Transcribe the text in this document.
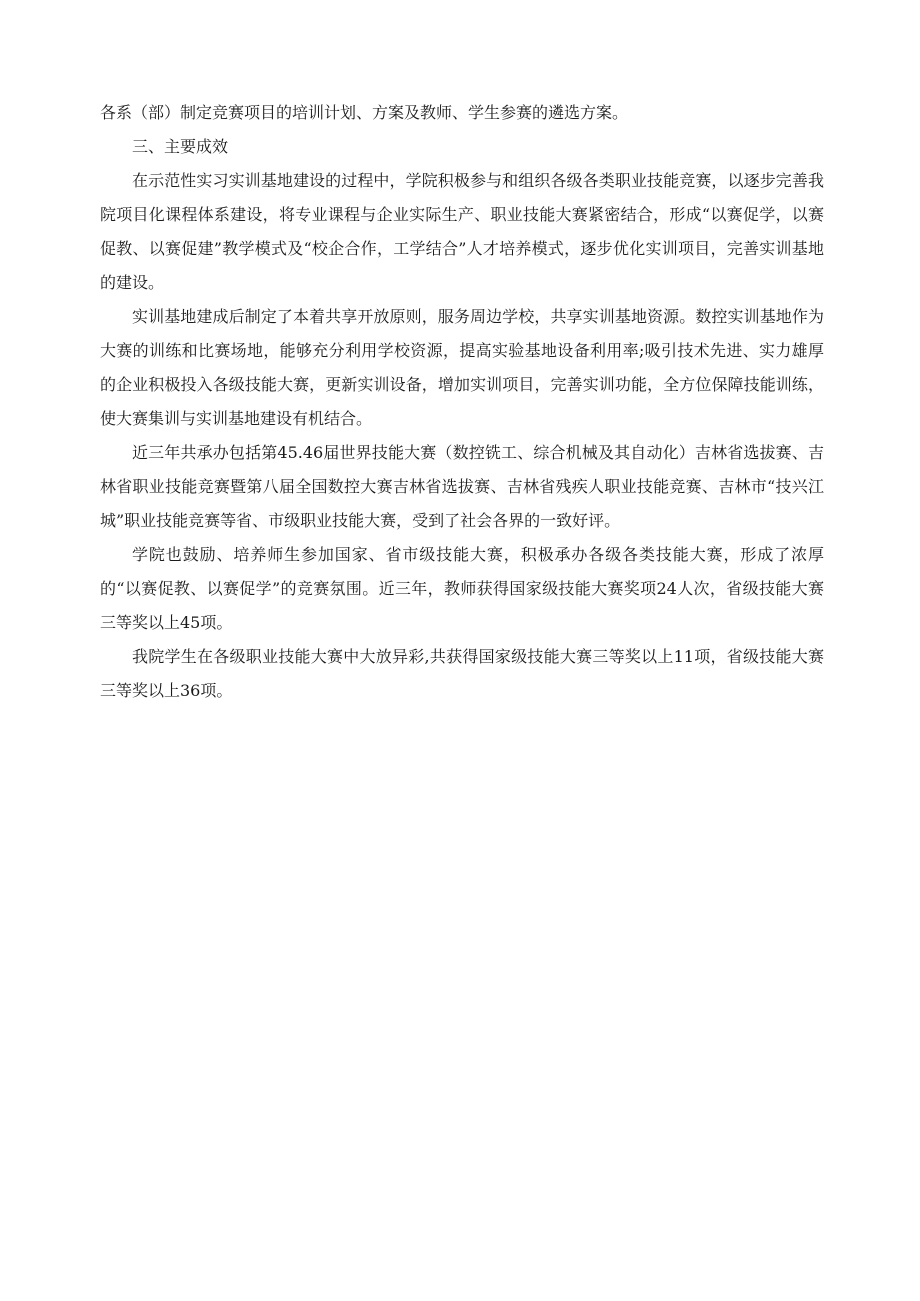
各系（部）制定竞赛项目的培训计划、方案及教师、学生参赛的遴选方案。

三、主要成效

在示范性实习实训基地建设的过程中，学院积极参与和组织各级各类职业技能竞赛，以逐步完善我院项目化课程体系建设，将专业课程与企业实际生产、职业技能大赛紧密结合，形成“以赛促学，以赛促教、以赛促建”教学模式及“校企合作，工学结合”人才培养模式，逐步优化实训项目，完善实训基地的建设。

实训基地建成后制定了本着共享开放原则，服务周边学校，共享实训基地资源。数控实训基地作为大赛的训练和比赛场地，能够充分利用学校资源，提高实验基地设备利用率;吸引技术先进、实力雄厚的企业积极投入各级技能大赛，更新实训设备，增加实训项目，完善实训功能，全方位保障技能训练，使大赛集训与实训基地建设有机结合。

近三年共承办包括第45.46届世界技能大赛（数控铣工、综合机械及其自动化）吉林省选拔赛、吉林省职业技能竞赛暨第八届全国数控大赛吉林省选拔赛、吉林省残疾人职业技能竞赛、吉林市“技兴江城”职业技能竞赛等省、市级职业技能大赛，受到了社会各界的一致好评。

学院也鼓励、培养师生参加国家、省市级技能大赛，积极承办各级各类技能大赛，形成了浓厚的“以赛促教、以赛促学”的竞赛氛围。近三年，教师获得国家级技能大赛奖项24人次，省级技能大赛三等奖以上45项。

我院学生在各级职业技能大赛中大放异彩,共获得国家级技能大赛三等奖以上11项，省级技能大赛三等奖以上36项。
